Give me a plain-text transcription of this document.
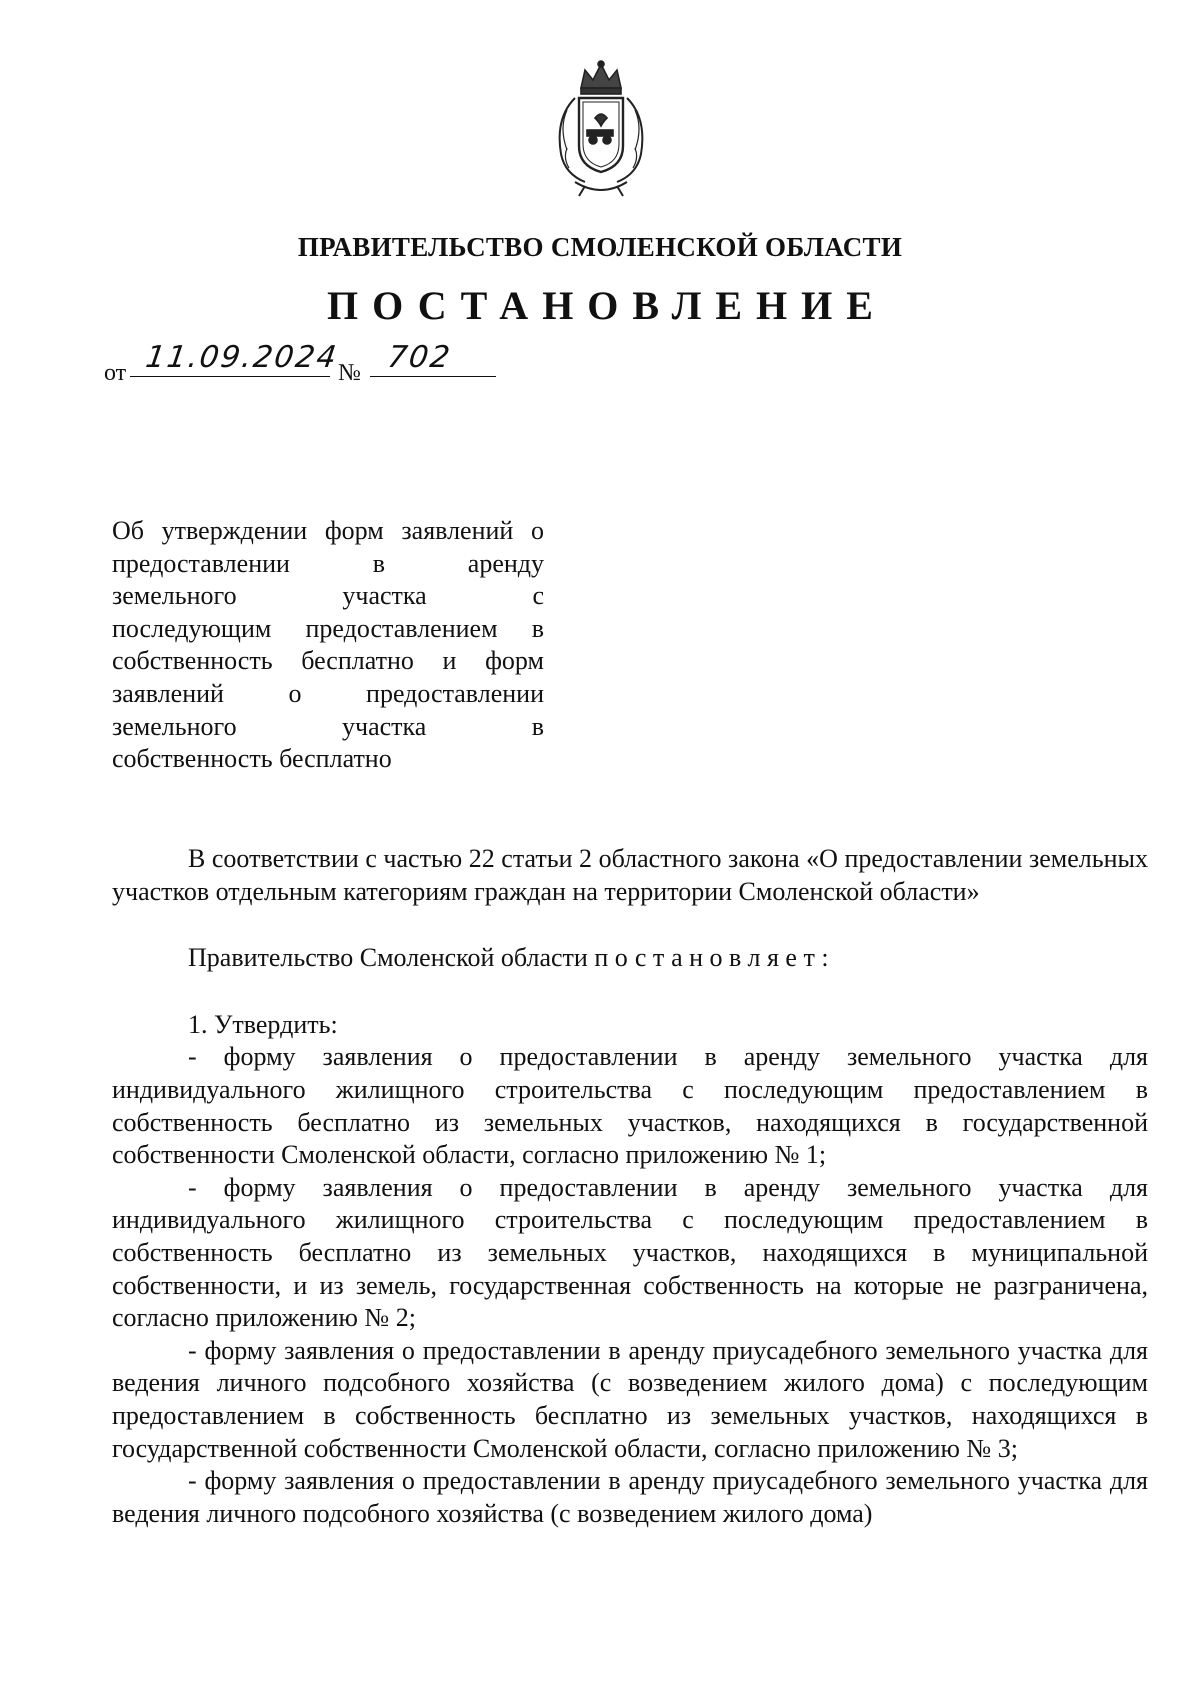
ПРАВИТЕЛЬСТВО СМОЛЕНСКОЙ ОБЛАСТИ
ПОСТАНОВЛЕНИЕ
от 11.09.2024
№ 702
Об утверждении форм заявлений о
предоставлении в аренду
земельного участка с
последующим предоставлением в
собственность бесплатно и форм
заявлений о предоставлении
земельного участка в
собственность бесплатно

В соответствии с частью 22 статьи 2 областного закона «О предоставлении земельных участков отдельным категориям граждан на территории Смоленской области»

Правительство Смоленской области постановляет:

1. Утвердить:

- форму заявления о предоставлении в аренду земельного участка для индивидуального жилищного строительства с последующим предоставлением в собственность бесплатно из земельных участков, находящихся в государственной собственности Смоленской области, согласно приложению № 1;

- форму заявления о предоставлении в аренду земельного участка для индивидуального жилищного строительства с последующим предоставлением в собственность бесплатно из земельных участков, находящихся в муниципальной собственности, и из земель, государственная собственность на которые не разграничена, согласно приложению № 2;

- форму заявления о предоставлении в аренду приусадебного земельного участка для ведения личного подсобного хозяйства (с возведением жилого дома) с последующим предоставлением в собственность бесплатно из земельных участков, находящихся в государственной собственности Смоленской области, согласно приложению № 3;

- форму заявления о предоставлении в аренду приусадебного земельного участка для ведения личного подсобного хозяйства (с возведением жилого дома)
